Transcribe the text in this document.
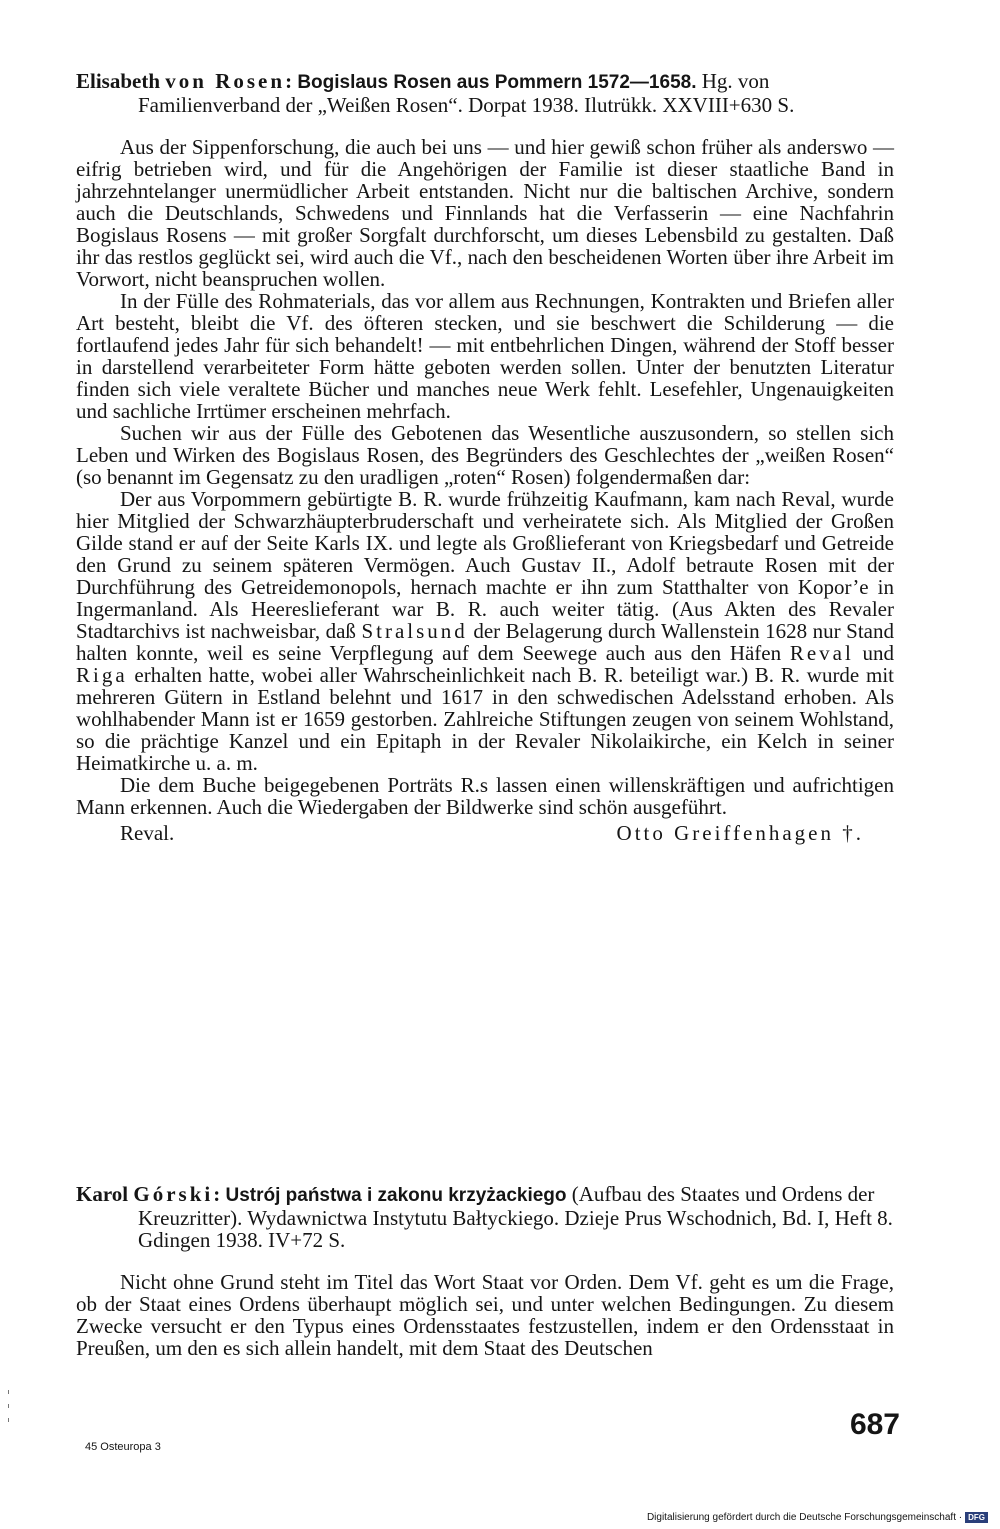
Elisabeth von Rosen: Bogislaus Rosen aus Pommern 1572—1658. Hg. von Familienverband der „Weißen Rosen“. Dorpat 1938. Ilutrükk. XXVIII+630 S.

Aus der Sippenforschung, die auch bei uns — und hier gewiß schon früher als anderswo — eifrig betrieben wird, und für die Angehörigen der Familie ist dieser staatliche Band in jahrzehntelanger unermüdlicher Arbeit entstanden. Nicht nur die baltischen Archive, sondern auch die Deutschlands, Schwedens und Finnlands hat die Verfasserin — eine Nachfahrin Bogislaus Rosens — mit großer Sorgfalt durchforscht, um dieses Lebensbild zu gestalten. Daß ihr das restlos geglückt sei, wird auch die Vf., nach den bescheidenen Worten über ihre Arbeit im Vorwort, nicht beanspruchen wollen.

In der Fülle des Rohmaterials, das vor allem aus Rechnungen, Kontrakten und Briefen aller Art besteht, bleibt die Vf. des öfteren stecken, und sie beschwert die Schilderung — die fortlaufend jedes Jahr für sich behandelt! — mit entbehrlichen Dingen, während der Stoff besser in darstellend verarbeiteter Form hätte geboten werden sollen. Unter der benutzten Literatur finden sich viele veraltete Bücher und manches neue Werk fehlt. Lesefehler, Ungenauigkeiten und sachliche Irrtümer erscheinen mehrfach.

Suchen wir aus der Fülle des Gebotenen das Wesentliche auszusondern, so stellen sich Leben und Wirken des Bogislaus Rosen, des Begründers des Geschlechtes der „weißen Rosen“ (so benannt im Gegensatz zu den uradligen „roten“ Rosen) folgendermaßen dar:

Der aus Vorpommern gebürtigte B. R. wurde frühzeitig Kaufmann, kam nach Reval, wurde hier Mitglied der Schwarzhäupterbruderschaft und verheiratete sich. Als Mitglied der Großen Gilde stand er auf der Seite Karls IX. und legte als Großlieferant von Kriegsbedarf und Getreide den Grund zu seinem späteren Vermögen. Auch Gustav II., Adolf betraute Rosen mit der Durchführung des Getreidemonopols, hernach machte er ihn zum Statthalter von Kopor’e in Ingermanland. Als Heereslieferant war B. R. auch weiter tätig. (Aus Akten des Revaler Stadtarchivs ist nachweisbar, daß Stralsund der Belagerung durch Wallenstein 1628 nur Stand halten konnte, weil es seine Verpflegung auf dem Seewege auch aus den Häfen Reval und Riga erhalten hatte, wobei aller Wahrscheinlichkeit nach B. R. beteiligt war.) B. R. wurde mit mehreren Gütern in Estland belehnt und 1617 in den schwedischen Adelsstand erhoben. Als wohlhabender Mann ist er 1659 gestorben. Zahlreiche Stiftungen zeugen von seinem Wohlstand, so die prächtige Kanzel und ein Epitaph in der Revaler Nikolaikirche, ein Kelch in seiner Heimatkirche u. a. m.

Die dem Buche beigegebenen Porträts R.s lassen einen willenskräftigen und aufrichtigen Mann erkennen. Auch die Wiedergaben der Bildwerke sind schön ausgeführt.

Reval.	Otto Greiffenhagen †.

Karol Górski: Ustrój państwa i zakonu krzyżackiego (Aufbau des Staates und Ordens der Kreuzritter). Wydawnictwa Instytutu Bałtyckiego. Dzieje Prus Wschodnich, Bd. I, Heft 8. Gdingen 1938. IV+72 S.

Nicht ohne Grund steht im Titel das Wort Staat vor Orden. Dem Vf. geht es um die Frage, ob der Staat eines Ordens überhaupt möglich sei, und unter welchen Bedingungen. Zu diesem Zwecke versucht er den Typus eines Ordensstaates festzustellen, indem er den Ordensstaat in Preußen, um den es sich allein handelt, mit dem Staat des Deutschen

687
45 Osteuropa 3
Digitalisierung gefördert durch die Deutsche Forschungsgemeinschaft · DFG
